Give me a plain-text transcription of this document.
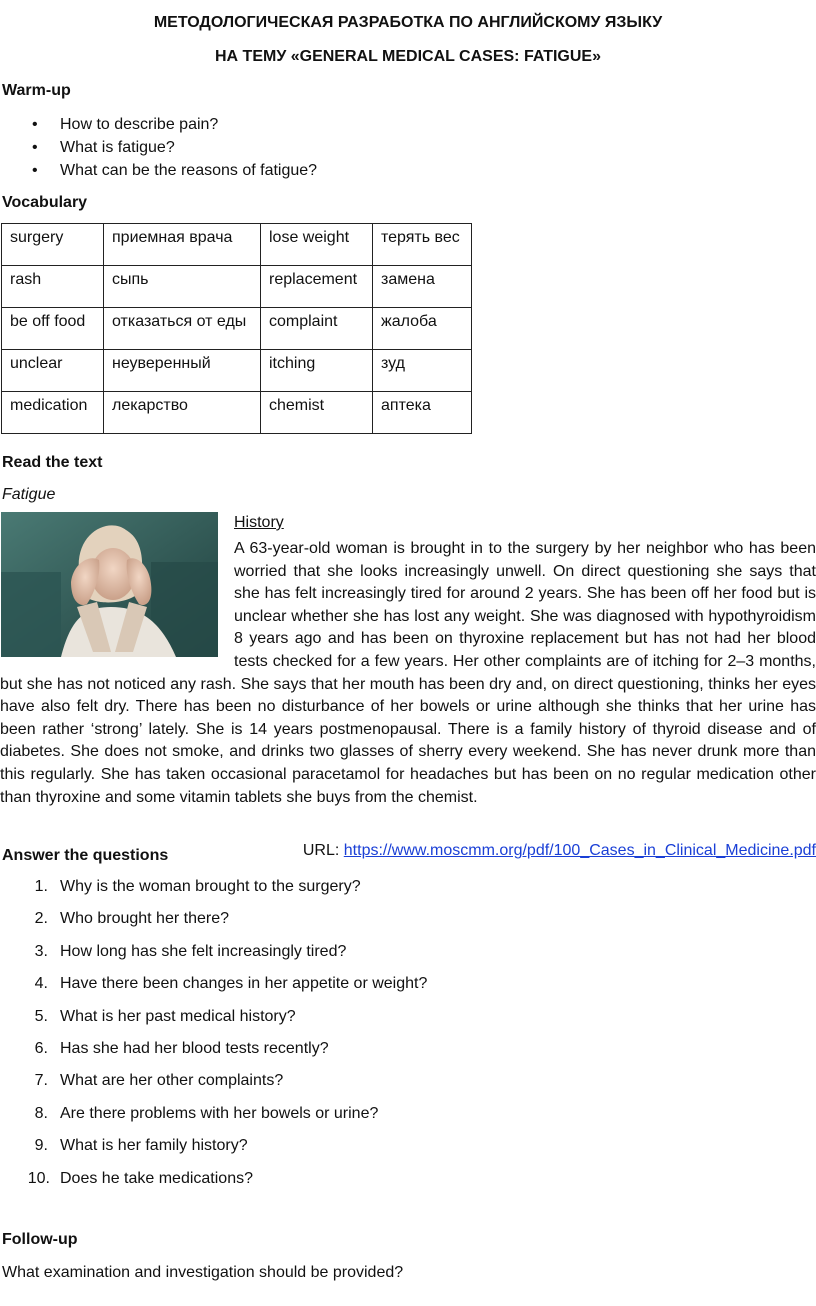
МЕТОДОЛОГИЧЕСКАЯ РАЗРАБОТКА ПО АНГЛИЙСКОМУ ЯЗЫКУ

НА ТЕМУ «GENERAL MEDICAL CASES: FATIGUE»

Warm-up

• How to describe pain?
• What is fatigue?
• What can be the reasons of fatigue?

Vocabulary

surgery	приемная врача	lose weight	терять вес
rash	сыпь	replacement	замена
be off food	отказаться от еды	complaint	жалоба
unclear	неуверенный	itching	зуд
medication	лекарство	chemist	аптека

Read the text

Fatigue

History

A 63-year-old woman is brought in to the surgery by her neighbor who has been worried that she looks increasingly unwell. On direct questioning she says that she has felt increasingly tired for around 2 years. She has been off her food but is unclear whether she has lost any weight. She was diagnosed with hypothyroidism 8 years ago and has been on thyroxine replacement but has not had her blood tests checked for a few years. Her other complaints are of itching for 2–3 months, but she has not noticed any rash. She says that her mouth has been dry and, on direct questioning, thinks her eyes have also felt dry. There has been no disturbance of her bowels or urine although she thinks that her urine has been rather ‘strong’ lately. She is 14 years postmenopausal. There is a family history of thyroid disease and of diabetes. She does not smoke, and drinks two glasses of sherry every weekend. She has never drunk more than this regularly. She has taken occasional paracetamol for headaches but has been on no regular medication other than thyroxine and some vitamin tablets she buys from the chemist.

URL: https://www.moscmm.org/pdf/100_Cases_in_Clinical_Medicine.pdf

Answer the questions

1. Why is the woman brought to the surgery?
2. Who brought her there?
3. How long has she felt increasingly tired?
4. Have there been changes in her appetite or weight?
5. What is her past medical history?
6. Has she had her blood tests recently?
7. What are her other complaints?
8. Are there problems with her bowels or urine?
9. What is her family history?
10. Does he take medications?

Follow-up

What examination and investigation should be provided?
